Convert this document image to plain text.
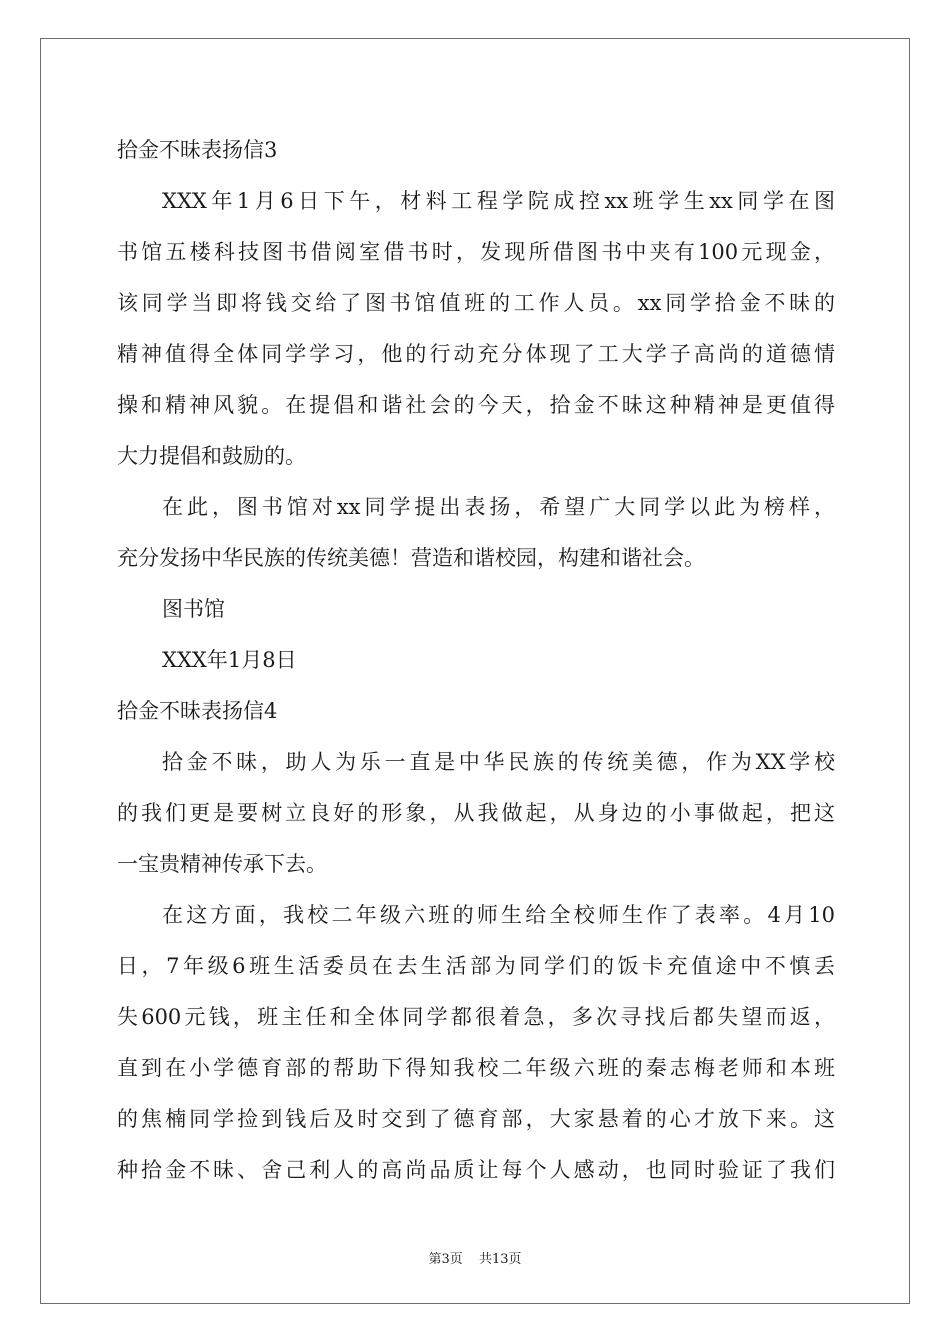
拾金不昧表扬信3
XXX年1月6日下午，材料工程学院成控xx班学生xx同学在图
书馆五楼科技图书借阅室借书时，发现所借图书中夹有100元现金，
该同学当即将钱交给了图书馆值班的工作人员。xx同学拾金不昧的
精神值得全体同学学习，他的行动充分体现了工大学子高尚的道德情
操和精神风貌。在提倡和谐社会的今天，拾金不昧这种精神是更值得
大力提倡和鼓励的。
在此，图书馆对xx同学提出表扬，希望广大同学以此为榜样，
充分发扬中华民族的传统美德！营造和谐校园，构建和谐社会。
图书馆
XXX年1月8日
拾金不昧表扬信4
拾金不昧，助人为乐一直是中华民族的传统美德，作为XX学校
的我们更是要树立良好的形象，从我做起，从身边的小事做起，把这
一宝贵精神传承下去。
在这方面，我校二年级六班的师生给全校师生作了表率。4月10
日，7年级6班生活委员在去生活部为同学们的饭卡充值途中不慎丢
失600元钱，班主任和全体同学都很着急，多次寻找后都失望而返，
直到在小学德育部的帮助下得知我校二年级六班的秦志梅老师和本班
的焦楠同学捡到钱后及时交到了德育部，大家悬着的心才放下来。这
种拾金不昧、舍己利人的高尚品质让每个人感动，也同时验证了我们
第3页 共13页
